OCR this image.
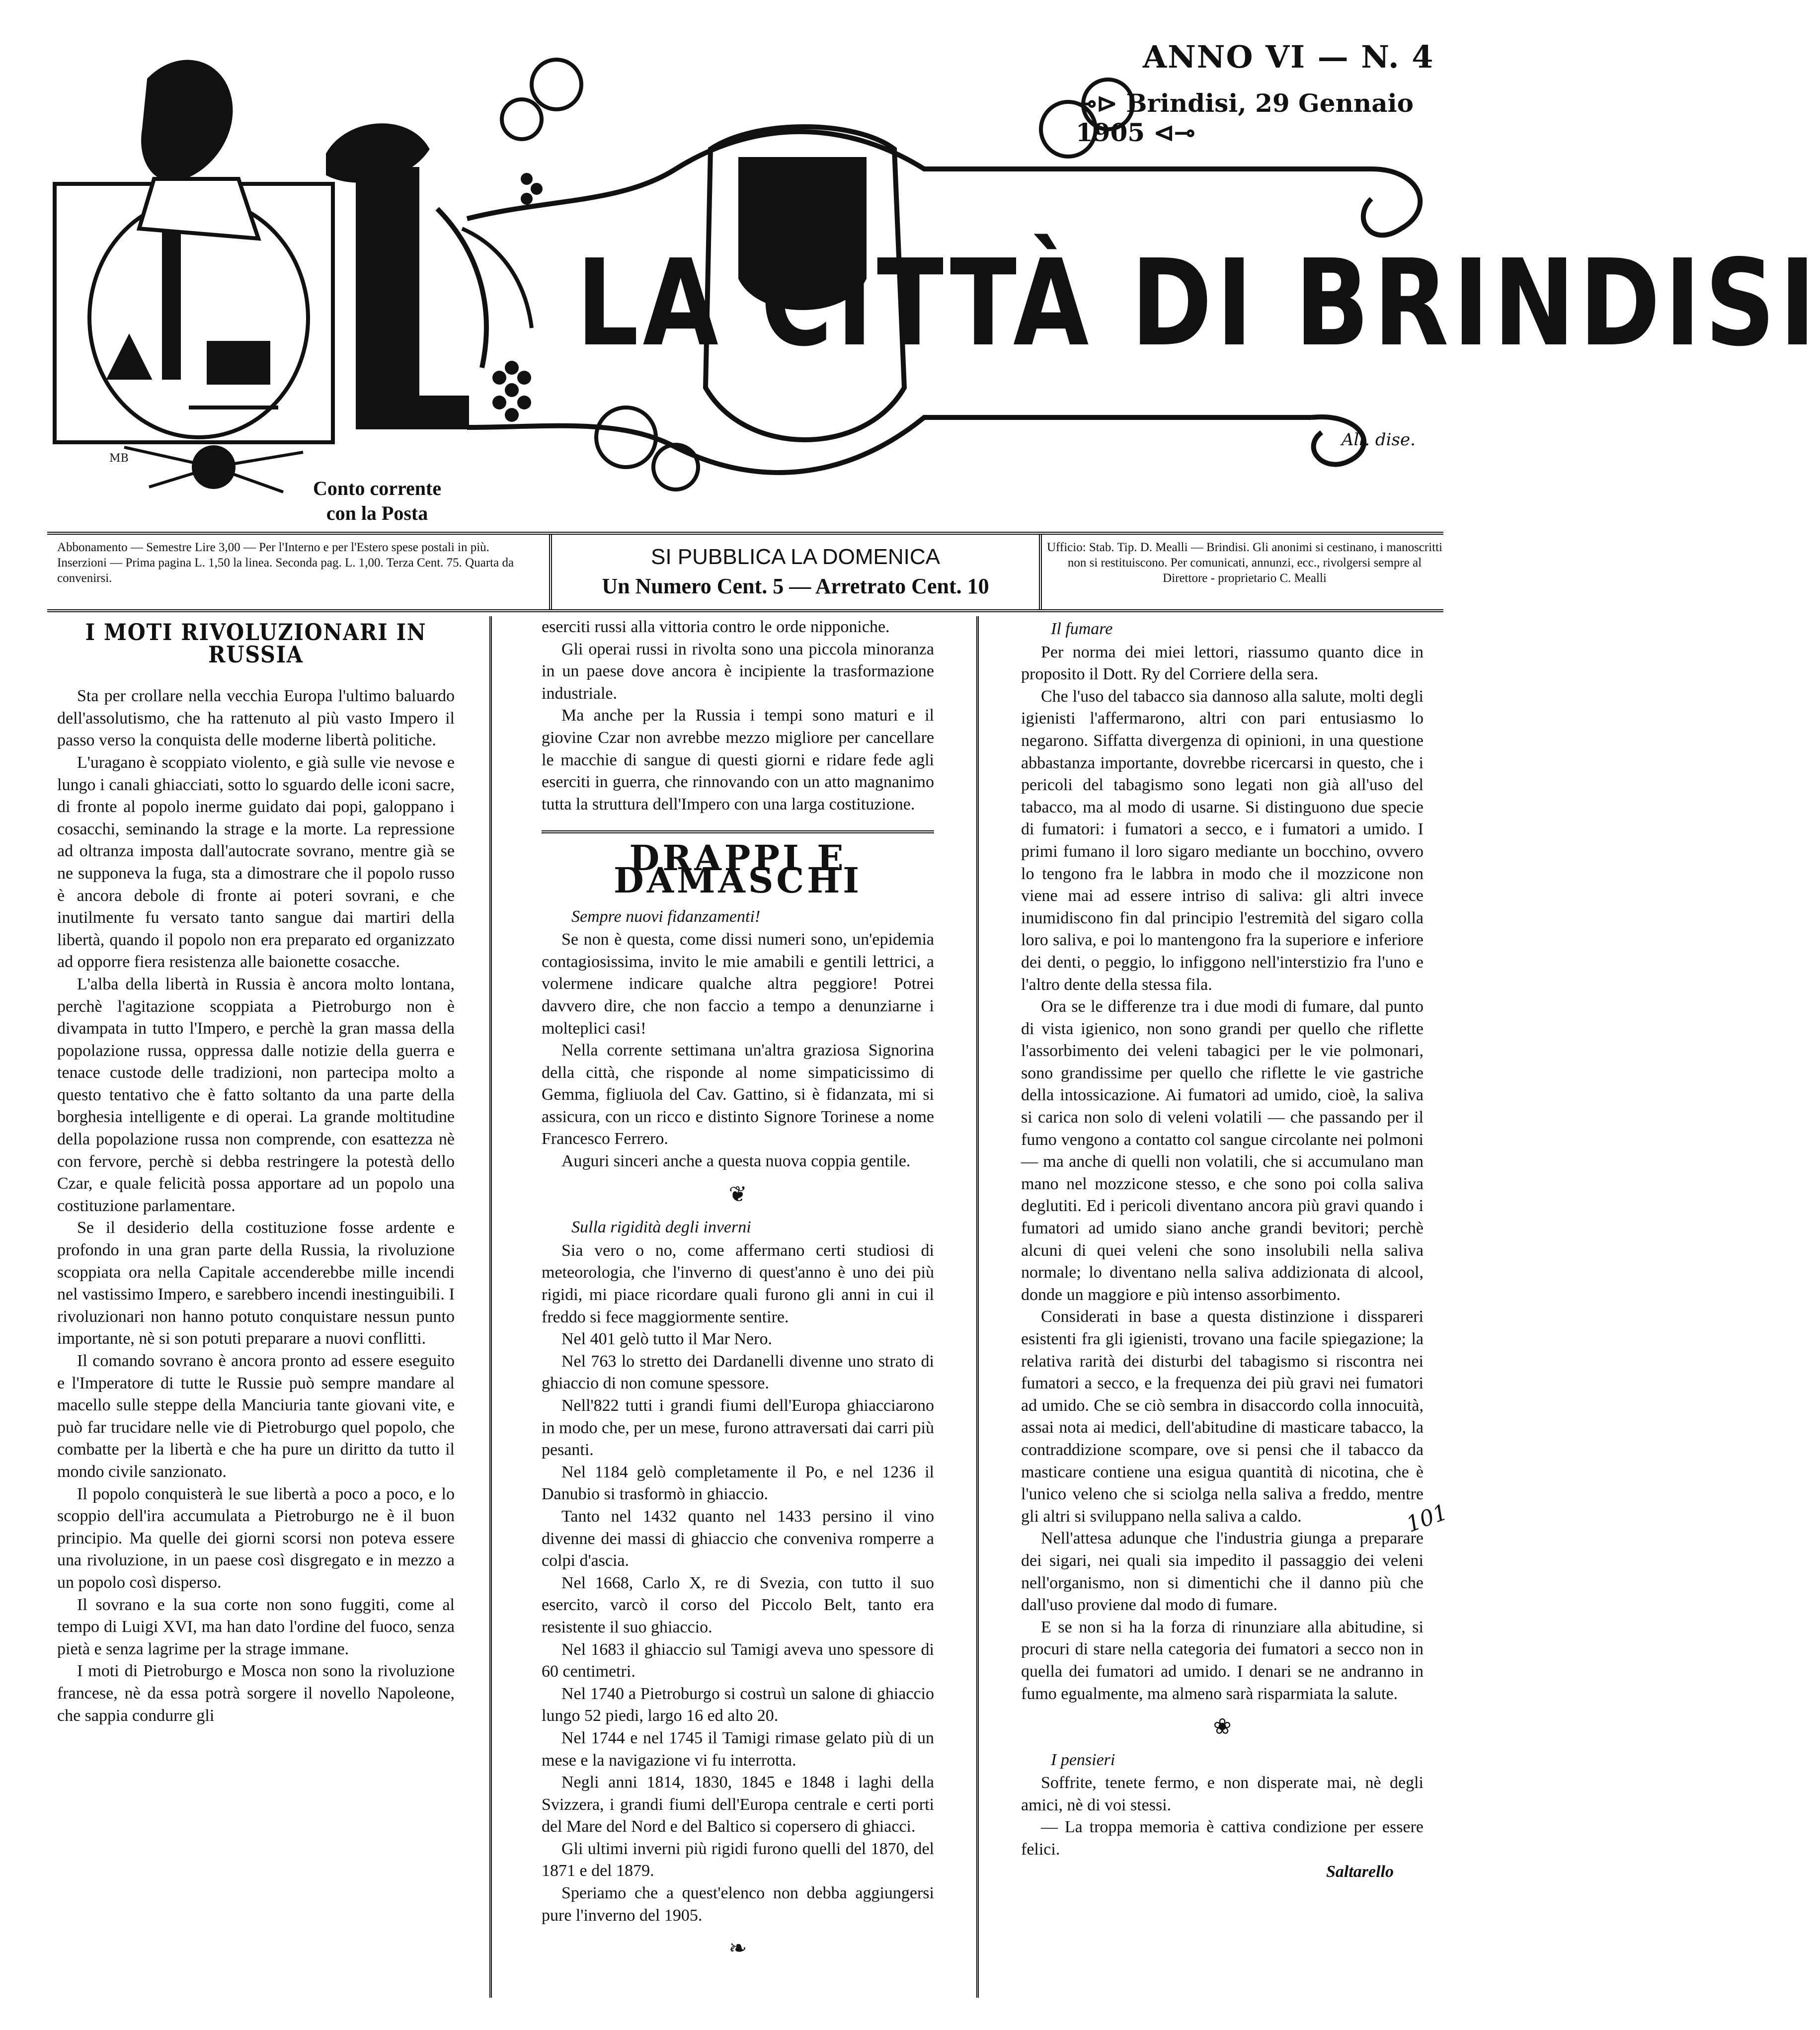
LA CITTÀ DI BRINDISI
All. dise.
MB
ANNO VI — N. 4
⊸⊳ Brindisi, 29 Gennaio 1905 ⊲⊸
Conto corrente
con la Posta
Abbonamento — Semestre Lire 3,00 — Per l'Interno e per l'Estero spese postali in più. Inserzioni — Prima pagina L. 1,50 la linea. Seconda pag. L. 1,00. Terza Cent. 75. Quarta da convenirsi.
SI PUBBLICA LA DOMENICA
Un Numero Cent. 5 — Arretrato Cent. 10
Ufficio: Stab. Tip. D. Mealli — Brindisi. Gli anonimi si cestinano, i manoscritti non si restituiscono. Per comunicati, annunzi, ecc., rivolgersi sempre al Direttore - proprietario C. Mealli
I MOTI RIVOLUZIONARI IN RUSSIA

Sta per crollare nella vecchia Europa l'ultimo baluardo dell'assolutismo, che ha rattenuto al più vasto Impero il passo verso la conquista delle moderne libertà politiche.

L'uragano è scoppiato violento, e già sulle vie nevose e lungo i canali ghiacciati, sotto lo sguardo delle iconi sacre, di fronte al popolo inerme guidato dai popi, galoppano i cosacchi, seminando la strage e la morte. La repressione ad oltranza imposta dall'autocrate sovrano, mentre già se ne supponeva la fuga, sta a dimostrare che il popolo russo è ancora debole di fronte ai poteri sovrani, e che inutilmente fu versato tanto sangue dai martiri della libertà, quando il popolo non era preparato ed organizzato ad opporre fiera resistenza alle baionette cosacche.

L'alba della libertà in Russia è ancora molto lontana, perchè l'agitazione scoppiata a Pietroburgo non è divampata in tutto l'Impero, e perchè la gran massa della popolazione russa, oppressa dalle notizie della guerra e tenace custode delle tradizioni, non partecipa molto a questo tentativo che è fatto soltanto da una parte della borghesia intelligente e di operai. La grande moltitudine della popolazione russa non comprende, con esattezza nè con fervore, perchè si debba restringere la potestà dello Czar, e quale felicità possa apportare ad un popolo una costituzione parlamentare.

Se il desiderio della costituzione fosse ardente e profondo in una gran parte della Russia, la rivoluzione scoppiata ora nella Capitale accenderebbe mille incendi nel vastissimo Impero, e sarebbero incendi inestinguibili. I rivoluzionari non hanno potuto conquistare nessun punto importante, nè si son potuti preparare a nuovi conflitti.

Il comando sovrano è ancora pronto ad essere eseguito e l'Imperatore di tutte le Russie può sempre mandare al macello sulle steppe della Manciuria tante giovani vite, e può far trucidare nelle vie di Pietroburgo quel popolo, che combatte per la libertà e che ha pure un diritto da tutto il mondo civile sanzionato.

Il popolo conquisterà le sue libertà a poco a poco, e lo scoppio dell'ira accumulata a Pietroburgo ne è il buon principio. Ma quelle dei giorni scorsi non poteva essere una rivoluzione, in un paese così disgregato e in mezzo a un popolo così disperso.

Il sovrano e la sua corte non sono fuggiti, come al tempo di Luigi XVI, ma han dato l'ordine del fuoco, senza pietà e senza lagrime per la strage immane.

I moti di Pietroburgo e Mosca non sono la rivoluzione francese, nè da essa potrà sorgere il novello Napoleone, che sappia condurre gli

eserciti russi alla vittoria contro le orde nipponiche.

Gli operai russi in rivolta sono una piccola minoranza in un paese dove ancora è incipiente la trasformazione industriale.

Ma anche per la Russia i tempi sono maturi e il giovine Czar non avrebbe mezzo migliore per cancellare le macchie di sangue di questi giorni e ridare fede agli eserciti in guerra, che rinnovando con un atto magnanimo tutta la struttura dell'Impero con una larga costituzione.

DRAPPI E DAMASCHI

Sempre nuovi fidanzamenti!

Se non è questa, come dissi numeri sono, un'epidemia contagiosissima, invito le mie amabili e gentili lettrici, a volermene indicare qualche altra peggiore! Potrei davvero dire, che non faccio a tempo a denunziarne i molteplici casi!

Nella corrente settimana un'altra graziosa Signorina della città, che risponde al nome simpaticissimo di Gemma, figliuola del Cav. Gattino, si è fidanzata, mi si assicura, con un ricco e distinto Signore Torinese a nome Francesco Ferrero.

Auguri sinceri anche a questa nuova coppia gentile.

❦

Sulla rigidità degli inverni

Sia vero o no, come affermano certi studiosi di meteorologia, che l'inverno di quest'anno è uno dei più rigidi, mi piace ricordare quali furono gli anni in cui il freddo si fece maggiormente sentire.

Nel 401 gelò tutto il Mar Nero.

Nel 763 lo stretto dei Dardanelli divenne uno strato di ghiaccio di non comune spessore.

Nell'822 tutti i grandi fiumi dell'Europa ghiacciarono in modo che, per un mese, furono attraversati dai carri più pesanti.

Nel 1184 gelò completamente il Po, e nel 1236 il Danubio si trasformò in ghiaccio.

Tanto nel 1432 quanto nel 1433 persino il vino divenne dei massi di ghiaccio che conveniva romperre a colpi d'ascia.

Nel 1668, Carlo X, re di Svezia, con tutto il suo esercito, varcò il corso del Piccolo Belt, tanto era resistente il suo ghiaccio.

Nel 1683 il ghiaccio sul Tamigi aveva uno spessore di 60 centimetri.

Nel 1740 a Pietroburgo si costruì un salone di ghiaccio lungo 52 piedi, largo 16 ed alto 20.

Nel 1744 e nel 1745 il Tamigi rimase gelato più di un mese e la navigazione vi fu interrotta.

Negli anni 1814, 1830, 1845 e 1848 i laghi della Svizzera, i grandi fiumi dell'Europa centrale e certi porti del Mare del Nord e del Baltico si copersero di ghiacci.

Gli ultimi inverni più rigidi furono quelli del 1870, del 1871 e del 1879.

Speriamo che a quest'elenco non debba aggiungersi pure l'inverno del 1905.

❧

Il fumare

Per norma dei miei lettori, riassumo quanto dice in proposito il Dott. Ry del Corriere della sera.

Che l'uso del tabacco sia dannoso alla salute, molti degli igienisti l'affermarono, altri con pari entusiasmo lo negarono. Siffatta divergenza di opinioni, in una questione abbastanza importante, dovrebbe ricercarsi in questo, che i pericoli del tabagismo sono legati non già all'uso del tabacco, ma al modo di usarne. Si distinguono due specie di fumatori: i fumatori a secco, e i fumatori a umido. I primi fumano il loro sigaro mediante un bocchino, ovvero lo tengono fra le labbra in modo che il mozzicone non viene mai ad essere intriso di saliva: gli altri invece inumidiscono fin dal principio l'estremità del sigaro colla loro saliva, e poi lo mantengono fra la superiore e inferiore dei denti, o peggio, lo infiggono nell'interstizio fra l'uno e l'altro dente della stessa fila.

Ora se le differenze tra i due modi di fumare, dal punto di vista igienico, non sono grandi per quello che riflette l'assorbimento dei veleni tabagici per le vie polmonari, sono grandissime per quello che riflette le vie gastriche della intossicazione. Ai fumatori ad umido, cioè, la saliva si carica non solo di veleni volatili — che passando per il fumo vengono a contatto col sangue circolante nei polmoni — ma anche di quelli non volatili, che si accumulano man mano nel mozzicone stesso, e che sono poi colla saliva deglutiti. Ed i pericoli diventano ancora più gravi quando i fumatori ad umido siano anche grandi bevitori; perchè alcuni di quei veleni che sono insolubili nella saliva normale; lo diventano nella saliva addizionata di alcool, donde un maggiore e più intenso assorbimento.

Considerati in base a questa distinzione i disspareri esistenti fra gli igienisti, trovano una facile spiegazione; la relativa rarità dei disturbi del tabagismo si riscontra nei fumatori a secco, e la frequenza dei più gravi nei fumatori ad umido. Che se ciò sembra in disaccordo colla innocuità, assai nota ai medici, dell'abitudine di masticare tabacco, la contraddizione scompare, ove si pensi che il tabacco da masticare contiene una esigua quantità di nicotina, che è l'unico veleno che si sciolga nella saliva a freddo, mentre gli altri si sviluppano nella saliva a caldo.

Nell'attesa adunque che l'industria giunga a preparare dei sigari, nei quali sia impedito il passaggio dei veleni nell'organismo, non si dimentichi che il danno più che dall'uso proviene dal modo di fumare.

E se non si ha la forza di rinunziare alla abitudine, si procuri di stare nella categoria dei fumatori a secco non in quella dei fumatori ad umido. I denari se ne andranno in fumo egualmente, ma almeno sarà risparmiata la salute.

❀

I pensieri

Soffrite, tenete fermo, e non disperate mai, nè degli amici, nè di voi stessi.

— La troppa memoria è cattiva condizione per essere felici.

Saltarello
101
